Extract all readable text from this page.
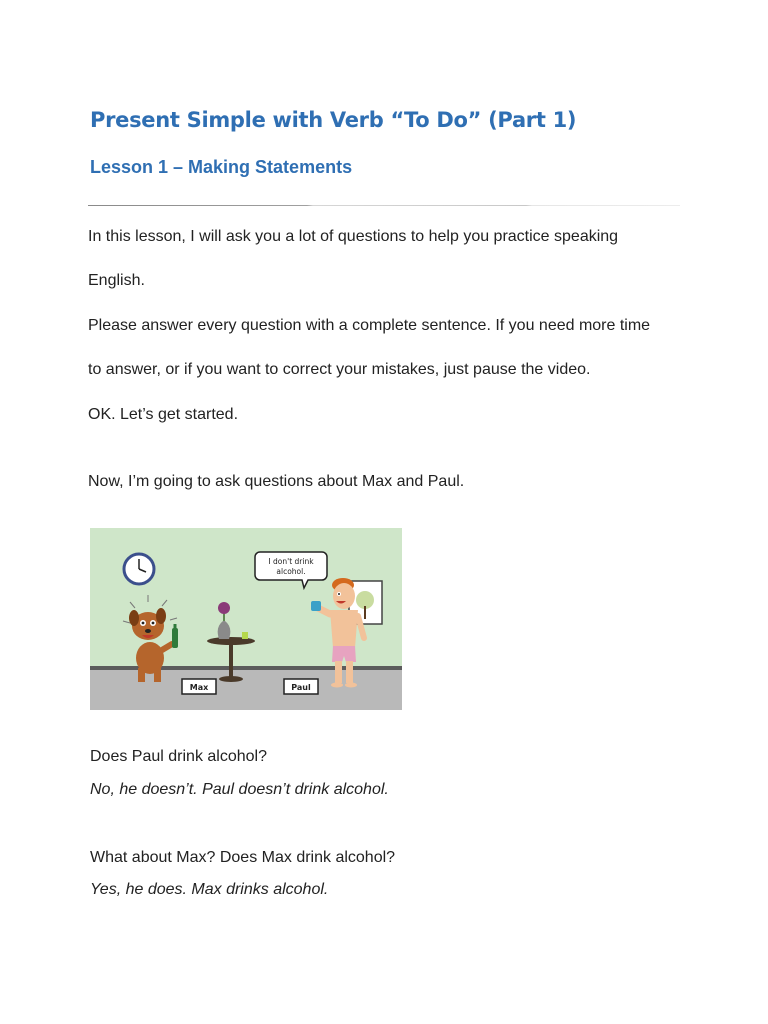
Present Simple with Verb “To Do” (Part 1)
Lesson 1 – Making Statements

In this lesson, I will ask you a lot of questions to help you practice speaking

English.

Please answer every question with a complete sentence. If you need more time

to answer, or if you want to correct your mistakes, just pause the video.

OK. Let’s get started.

Now, I’m going to ask questions about Max and Paul.

I don't drink
alcohol.
Max	Paul

Does Paul drink alcohol?

No, he doesn’t. Paul doesn’t drink alcohol.

What about Max? Does Max drink alcohol?

Yes, he does. Max drinks alcohol.
